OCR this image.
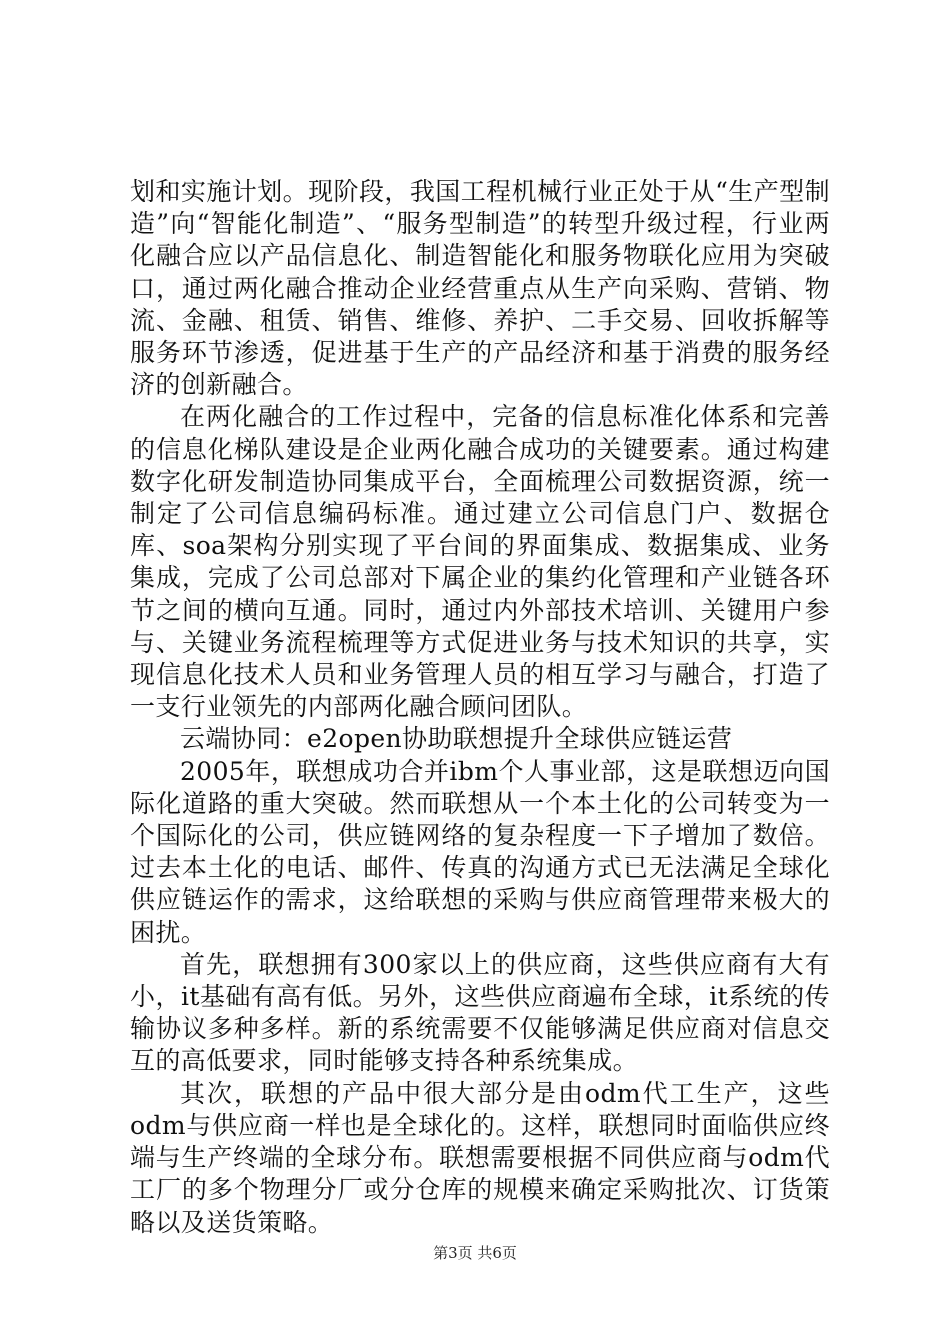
划和实施计划。现阶段，我国工程机械行业正处于从“生产型制造”向“智能化制造”、“服务型制造”的转型升级过程，行业两化融合应以产品信息化、制造智能化和服务物联化应用为突破口，通过两化融合推动企业经营重点从生产向采购、营销、物流、金融、租赁、销售、维修、养护、二手交易、回收拆解等服务环节渗透，促进基于生产的产品经济和基于消费的服务经济的创新融合。

在两化融合的工作过程中，完备的信息标准化体系和完善的信息化梯队建设是企业两化融合成功的关键要素。通过构建数字化研发制造协同集成平台，全面梳理公司数据资源，统一制定了公司信息编码标准。通过建立公司信息门户、数据仓库、soa架构分别实现了平台间的界面集成、数据集成、业务集成，完成了公司总部对下属企业的集约化管理和产业链各环节之间的横向互通。同时，通过内外部技术培训、关键用户参与、关键业务流程梳理等方式促进业务与技术知识的共享，实现信息化技术人员和业务管理人员的相互学习与融合，打造了一支行业领先的内部两化融合顾问团队。

云端协同：e2open协助联想提升全球供应链运营

2005年，联想成功合并ibm个人事业部，这是联想迈向国际化道路的重大突破。然而联想从一个本土化的公司转变为一个国际化的公司，供应链网络的复杂程度一下子增加了数倍。过去本土化的电话、邮件、传真的沟通方式已无法满足全球化供应链运作的需求，这给联想的采购与供应商管理带来极大的困扰。

首先，联想拥有300家以上的供应商，这些供应商有大有小，it基础有高有低。另外，这些供应商遍布全球，it系统的传输协议多种多样。新的系统需要不仅能够满足供应商对信息交互的高低要求，同时能够支持各种系统集成。

其次，联想的产品中很大部分是由odm代工生产，这些odm与供应商一样也是全球化的。这样，联想同时面临供应终端与生产终端的全球分布。联想需要根据不同供应商与odm代工厂的多个物理分厂或分仓库的规模来确定采购批次、订货策略以及送货策略。

第3页 共6页
